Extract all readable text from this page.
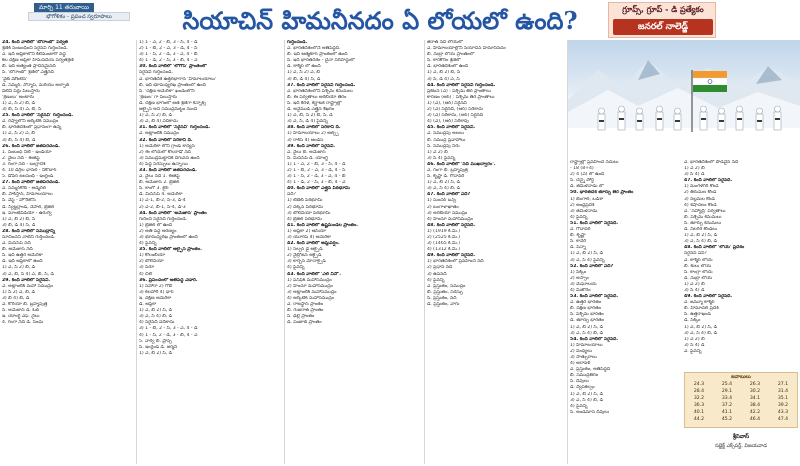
మార్చి 11 తరువాయి
భౌగోళికం - ప్రపంచ స్వరూపాలు	సియాచిన్ హిమనీనదం ఏ లోయలో ఉంది?	గ్రూప్స్, గ్రూప్ - డి ప్రత్యేకం
జనరల్ నాలెడ్జ్

24. కింది వాటిలో 'బోరాంబో' పర్వత

శ్రేణికి సంబంధించి సరైనవి గుర్తించండి.

ఎ. ఇది ఆఫ్రికాలోని కిలిమంజారో వద్ద

కల దక్షిణ ఆఫ్రికా హిమనదీయ పర్వతశ్రేణి

బి. ఇది అత్యంత ప్రాచీనమైనది

సి. 'బోరాంబో' శ్రేణిలో ఎత్తైనది

'వైట్ మౌంటెన్'

డి. సమ్మర్, నోర్మాస్, మరియు అల్ఫాబ్

వీటిని పేర్లు పిలుస్తారు

'శ్రేణులు' అంటారు

1) ఎ, సి 2) బి, డి

3) బి, సి 4) ఎ, బి, సి

25. కింది వాటిలో 'సరైనవి' గుర్తించండి.

ఎ. రష్యాలోని ఆర్కిటిక్ సముద్రం

బి. భారతదేశంలో ప్రధానంగా ఉన్న

1) ఎ, సి 2) ఎ, బి

3) బి, సి 4) బి, డి

26. కింది వాటిలో జతపరచండి.

1. సంబంధ్ నీటి - ఇండియా

2. నైలు నది - ఈజిప్ట్

3. గంగా నది - బంగ్లాదేశ్

4. 10 డిగ్రీల ఛానల్ - నికోబార్

5. డోవర్ జలసంధి - ఇంగ్లండ్

27. కింది వాటిలో జతపరచండి.

ఎ. సమ్మర్‌కోట్ - అడ్మిరల్

బి. పాకిస్తాన్, హిమాలయాలు

సి. వెస్ట్ - హోరిజోన్

డి. స్విట్జర్లాండ్, నేపాల్, బ్రెజిల్

ఇ. మాంటెవీడియో - ఉరుగ్వే

1) ఎ, బి 2) బి, సి

3) బి, డి 4) సి, డి

28. కింది వాటిలో సముద్రాన్ని

సూచించని వాటిని గుర్తించండి.

ఎ. మిసిసిపీ నది

బి. అమెజాన్ నది

సి. ఇది ఉత్తర అమెరికా

డి. ఇది ఆఫ్రికాలో ఉంది

1) ఎ, సి 2) బి, డి

3) ఎ, బి, సి 4) ఎ, బి, సి, డి

29. కింది వాటిలో సరైనవి.

ఎ. అట్లాంటిక్ మహా సముద్రం

1) సి 2) ఎ, బి, డి

3) బి 4) బి, డి

ఎ. కొరియా బి. బ్రహ్మపుత్ర

సి. అమెజాన్ డి. ఓబ్

ఇ. యాంగ్జీ ఎఫ్. నైలు

4. గంగా నది డి. సింధు

1) 1 - ఎ, 2 - బి, 3 - సి, 4 - డి

2) 1 - బి, 2 - ఎ, 3 - డి, 4 - సి

3) 1 - సి, 2 - డి, 3 - ఎ, 4 - బి

4) 1 - డి, 2 - సి, 3 - బి, 4 - ఎ

30. కింది వాటిలో 'లోగోస్' ప్రాంతంలో

సరైనవి గుర్తించండి.

ఎ. భారతదేశ ఉత్తరభాగాన 'హిమాలయాలు'

బి. ఇది భూమధ్యరేఖ ప్రాంతంలో ఉంది

సి. 'దక్షిణ అమెరికా' ఖండంలోని

'శ్రేణుల' గా పిలుస్తారు

డి. దక్షిణ భాగంలో ఆత శ్రేణిగా కన్నాక్స్

ఆల్ఫైన్ అని సముద్రమట్టం నుంచి

1) ఎ, సి 2) బి, డి

3) ఎ, బి 4) ఏదీకాదు

31. కింది వాటిలో 'సరైనవి' గుర్తించండి.

ఎ. అట్లాంటిక్ సముద్రం

32. కింది వాటిలో సరికాని ది.

1) అమెరికా లోని గ్రాండ్ కాన్యన్

2) ఈ లోయలో కొలరాడో నది

3) సముద్రమట్టానికి దిగువన ఉంది

4) పెద్ద సరస్సులు ఉన్నాయి

33. కింది వాటిలో జతపరచండి.

ఎ. నైలు నది 1. ఈజిప్ట్

బి. అమెజాన్ 2. బ్రెజిల్

సి. కాంగో 3. జైర్

డి. మిసిసిపీ 4. అమెరికా

1) ఎ-1, బి-2, సి-3, డి-4

2) ఎ-2, బి-1, సి-4, డి-3

34. కింది వాటిలో 'అమెజాన్' ప్రాంతం

గురించి సరైనది గుర్తించండి.

1) బ్రెజిల్ లో ఉంది

2) అతి పెద్ద అరణ్యం

3) భూమధ్యరేఖ ప్రాంతంలో ఉంది

4) పైవన్నీ

35. కింది వాటిలో ఆల్ఫైన్ ప్రాంతం.

1) కొలంబియా

2) బొలీవియా

3) పెరూ

4) చిలీ

36. ప్రపంచంలో అతిపెద్ద ఎడారి.

1) సహారా 2) గోబీ

3) కలహారి 4) థార్

ఇ. దక్షిణ అమెరికా

డి. ఆఫ్రికా

1) ఎ, బి 2) సి, డి

3) ఎ, సి 4) బి, డి

4) సరైనది ఏదీకాదు

3) 1 - బి, 2 - సి, 3 - ఎ, 4 - డి

4) 1 - సి, 2 - డి, 3 - బి, 4 - ఎ

5. నార్వే బి. ఫ్రాన్స్

సి. ఇంగ్లండ్ డి. జర్మనీ

1) ఎ, బి 2) సి, డి

గుర్తించండి.

ఎ. భారతదేశంలోనే అతిపెద్దది.

బి. ఇది ఆత్మకూర్ ప్రాంతంలో ఉంది

సి. ఇది భారతదేశం - చైనా సరిహద్దులో

డి. కాశ్మీర్ లో ఉంది

1) ఎ, సి 2) ఎ, బి

3) బి, డి 4) సి, డి

37. కింది వాటిలో సరైనవి గుర్తించండి.

ఎ. భారతదేశంలోని పశ్చిమ కనుమలు

బి. ఈ పర్వతాలు అరేబియా తీరం

సి. ఇది కేరళ, కర్ణాటక రాష్ట్రాల్లో

డి. అనైముడి ఎత్తైన శిఖరం

1) ఎ, బి, సి 2) బి, సి, డి

3) ఎ, సి, డి 4) పైవన్నీ

38. కింది వాటిలో సరికాని ది.

1) హిమాలయాలు 2) ఆల్ప్స్

3) రాకీస్ 4) ఆండీస్

39. కింది వాటిలో సరైనవి.

ఎ. నైలు బి. అమెజాన్

సి. మిసిసిపీ డి. యాంగ్జీ

1) 1 - ఎ, 2 - బి, 3 - సి, 4 - డి

2) 1 - బి, 2 - ఎ, 3 - డి, 4 - సి

3) 1 - సి, 2 - డి, 3 - ఎ, 4 - బి

4) 1 - డి, 2 - సి, 3 - బి, 4 - ఎ

40. కింది వాటిలో ఎత్తైన పీఠభూమి

ఏది?

1) టిబెట్ పీఠభూమి

2) దక్కన్ పీఠభూమి

3) బొలీవియా పీఠభూమి

4) బ్రెజిల్ పీఠభూమి

41. కింది వాటిలో ఉష్ణమండల ప్రాంతం.

1) ఆఫ్రికా 2) ఆసియా

3) యూరప్ 4) అమెరికా

42. కింది వాటిలో ఆమ్లవర్షం.

1) సల్ఫర్ డై ఆక్సైడ్

2) నైట్రోజన్ ఆక్సైడ్

3) కార్బన్ మోనాక్సైడ్

4) పైవన్నీ

43. కింది వాటిలో 'ఎల్ నినో'.

1) పసిఫిక్ మహాసముద్రం

2) హిందూ మహాసముద్రం

3) అట్లాంటిక్ మహాసముద్రం

4) ఆర్కిటిక్ మహాసముద్రం

ఎ. రాజస్థాన్ ప్రాంతం

బి. గుజరాత్ ప్రాంతం

సి. ఢిల్లీ ప్రాంతం

డి. పంజాబ్ ప్రాంతం

జిరాత్ నది లోయలో

ఎ. హిమాలయాల్లోని సియాచిన్ హిమానీనదం

బి. నుబ్రా లోయ ప్రాంతంలో

సి. కారకోరం శ్రేణిలో

డి. భారతదేశంలో ఉంది

1) ఎ, బి 2) బి, సి

3) సి, డి 4) ఎ, సి

44. కింది వాటిలో సరైనవి గుర్తించండి.

ప్రకటన (ఎ) : పశ్చిమ తీర ప్రాంతాలు

కారణం (ఆర్) : పశ్చిమ తీర ప్రాంతాలు

1) (ఎ), (ఆర్) సరైనవి

2) (ఎ) సరైనది, (ఆర్) సరికాదు

3) (ఎ) సరికాదు, (ఆర్) సరైనది

4) (ఎ), (ఆర్) సరికావు

45. కింది వాటిలో సరైనవి.

ఎ. సముద్రపు అలలు

బి. సముద్ర ప్రవాహాలు

సి. సముద్రపు నీరు

1) ఎ 2) బి

3) సి 4) పైవన్నీ

46. కింది వాటిలో 'నదీ ముఖద్వారం'.

ఎ. గంగా బి. బ్రహ్మపుత్ర

సి. కృష్ణా డి. గోదావరి

1) ఎ, బి 2) సి, డి

3) ఎ, సి 4) బి, డి

47. కింది వాటిలో ఏది?

1) సుందర్ బన్స్

2) బంగాళాఖాతం

3) అరేబియా సముద్రం

4) హిందూ మహాసముద్రం

48. కింది వాటిలో సరైనది.

1) (1919 కి.మీ.)

2) (2525 కి.మీ.)

3) (1465 కి.మీ.)

4) (1312 కి.మీ.)

49. కింది వాటిలో సరైనది.

1) భారతదేశంలో ప్రవహించే నది

2) ప్రధాన నది

3) ఉపనది

4) పైవన్నీ

ఎ. ప్రస్తుతం, సముద్రం

బి. ప్రస్తుతం, సరస్సు

సి. ప్రస్తుతం, నది

డి. ప్రస్తుతం, వాగు

రాష్ట్రాల్లో ప్రవహించే నదులు

- 18 (8+4)

2) 4 (ఏ) లో ఉంది

సి. చెన్నై పోర్ట్

డి. తమిళనాడు లో

50. భారతదేశ తూర్పు తీర ప్రాంతం

1) బెంగాల్, ఒడిశా

2) ఆంధ్రప్రదేశ్

3) తమిళనాడు

4) పైవన్నీ

51. కింది వాటిలో సరైనది.

ఎ. గోదావరి

బి. కృష్ణా

సి. కావేరి

డి. పెన్నా

1) ఎ, బి 2) సి, డి

3) ఎ, సి 4) పైవన్నీ

52. కింది వాటిలో ఏది?

1) సిక్కిం

2) అస్సాం

3) మేఘాలయ

4) మిజోరం

53. కింది వాటిలో సరైనది.

ఎ. ఉత్తర భారతం

బి. దక్షిణ భారతం

సి. పశ్చిమ భారతం

డి. తూర్పు భారతం

1) ఎ, బి 2) సి, డి

3) ఎ, సి 4) బి, డి

54. కింది వాటిలో సరైనది.

1) హిమాలయాలు

2) వింధ్యలు

3) సాత్పురాలు

4) ఆరావళి

ఎ. ప్రస్తుతం, అతిపెద్దది

బి. సముద్రతీరం

సి. దీవులు

డి. ద్వీపకల్పం

1) ఎ, బి 2) సి, డి

3) ఎ, సి 4) బి, డి

4) పైవన్నీ

సి. అండమాన్ దీవులు

ఎ. భారతదేశంలో పొడవైన నది

1) ఎ 2) బి

3) సి 4) డి

47. కింది వాటిలో సరైనది.

1) మంగళగిరి కొండ

2) తిరుమల కొండ

3) నల్లమల కొండ

4) శేషాచలం కొండ

ఎ. 'సహ్యాద్రి' పర్వతాలు

బి. పశ్చిమ కనుమలు

సి. తూర్పు కనుమలు

డి. నీలగిరి కొండలు

1) ఎ, బి 2) సి, డి

3) ఎ, సి 4) బి, డి

48. కింది వాటిలో 'లోయ' ప్రదేశం

సరైనవి ఏవి?

ఎ. కాశ్మీర్ లోయ

బి. కులు లోయ

సి. కాంగ్రా లోయ

డి. నుబ్రా లోయ

1) ఎ 2) బి

3) సి 4) డి

49. కింది వాటిలో సరైనది.

ఎ. జమ్మూ కాశ్మీర్

బి. హిమాచల్ ప్రదేశ్

సి. ఉత్తరాఖండ్

డి. సిక్కిం

1) ఎ, బి 2) సి, డి

3) ఎ, సి 4) బి, డి

1) ఎ 2) బి

3) సి 4) డి

ఎ. పైవన్నీ

జవాబులు
24.3	25.4	26.3	27.1
28.4	29.1	30.2	31.4
32.2	33.4	34.1	35.1
36.3	37.2	38.4	39.2
40.1	41.1	42.2	43.3
44.2	45.2	46.4	47.4
శ్రీనివాస్
సబ్జెక్ట్ ఎక్స్‌పర్ట్, విజయవాడ
